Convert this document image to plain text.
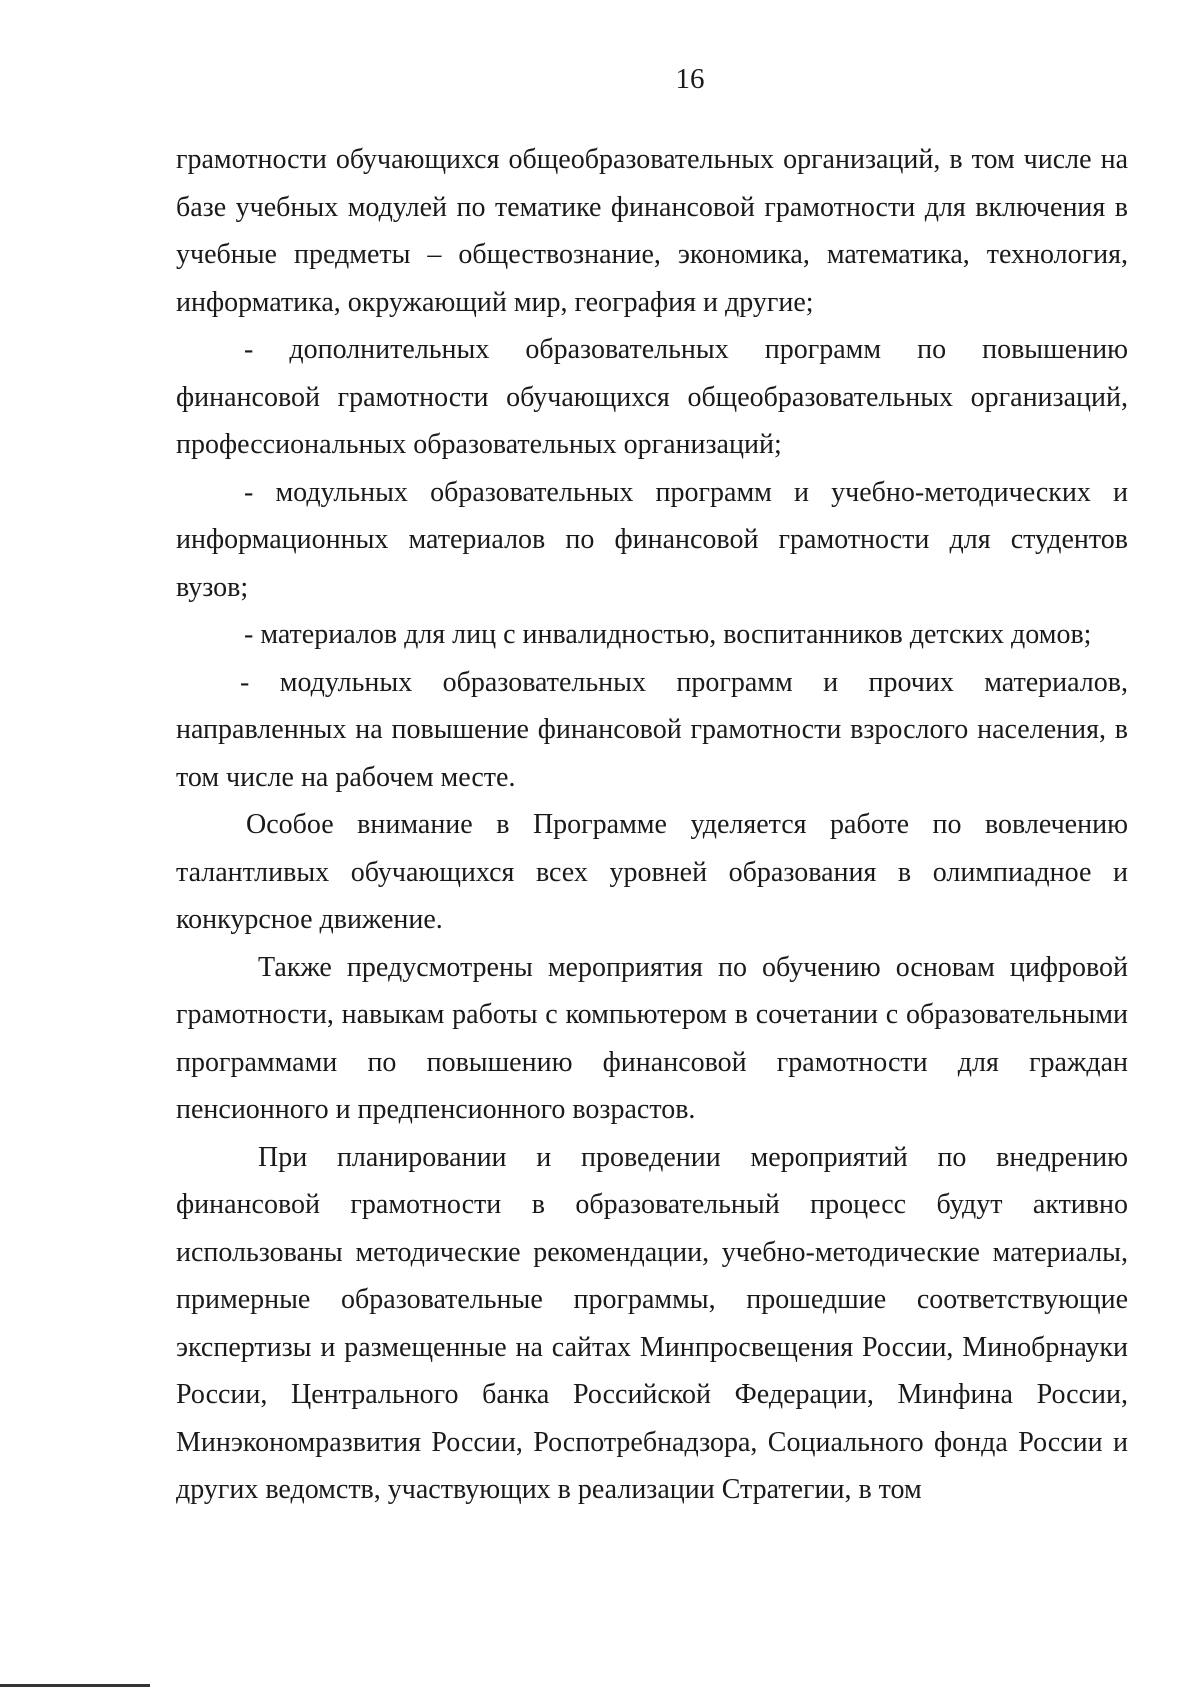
16

грамотности обучающихся общеобразовательных организаций, в том числе на базе учебных модулей по тематике финансовой грамотности для включения в учебные предметы – обществознание, экономика, математика, технология, информатика, окружающий мир, география и другие;

- дополнительных образовательных программ по повышению финансовой грамотности обучающихся общеобразовательных организаций, профессиональных образовательных организаций;

- модульных образовательных программ и учебно-методических и информационных материалов по финансовой грамотности для студентов вузов;

- материалов для лиц с инвалидностью, воспитанников детских домов;

- модульных образовательных программ и прочих материалов, направленных на повышение финансовой грамотности взрослого населения, в том числе на рабочем месте.

Особое внимание в Программе уделяется работе по вовлечению талантливых обучающихся всех уровней образования в олимпиадное и конкурсное движение.

Также предусмотрены мероприятия по обучению основам цифровой грамотности, навыкам работы с компьютером в сочетании с образовательными программами по повышению финансовой грамотности для граждан пенсионного и предпенсионного возрастов.

При планировании и проведении мероприятий по внедрению финансовой грамотности в образовательный процесс будут активно использованы методические рекомендации, учебно-методические материалы, примерные образовательные программы, прошедшие соответствующие экспертизы и размещенные на сайтах Минпросвещения России, Минобрнауки России, Центрального банка Российской Федерации, Минфина России, Минэкономразвития России, Роспотребнадзора, Социального фонда России и других ведомств, участвующих в реализации Стратегии, в том
